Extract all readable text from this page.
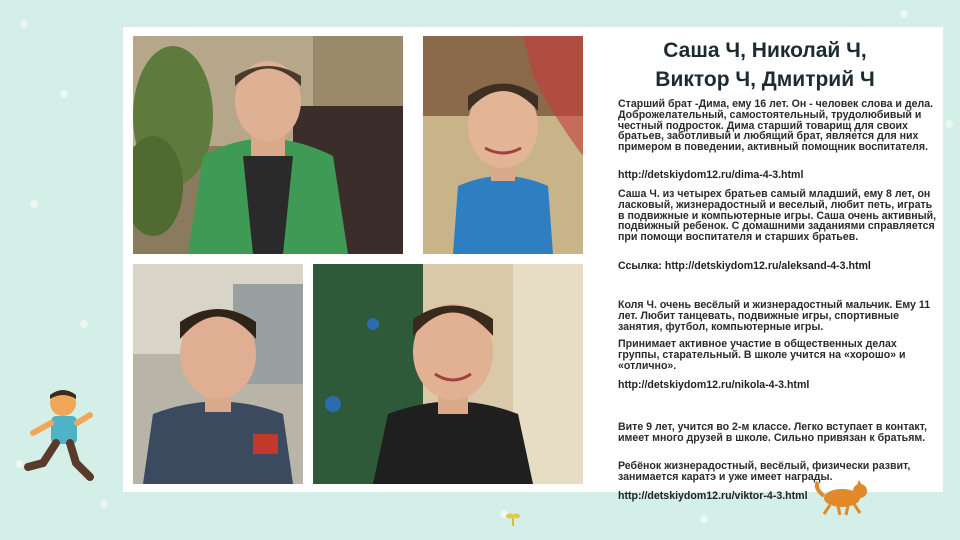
Саша Ч, Николай Ч,
Виктор Ч, Дмитрий Ч

Старший брат -Дима, ему 16 лет. Он - человек слова и дела. Доброжелательный, самостоятельный, трудолюбивый и честный подросток. Дима старший товарищ для своих братьев, заботливый и любящий брат, является для них примером в поведении, активный помощник воспитателя.

http://detskiydom12.ru/dima-4-3.html

Саша Ч. из четырех братьев самый младший, ему 8 лет, он ласковый, жизнерадостный и веселый, любит петь, играть в подвижные и компьютерные игры. Саша очень активный, подвижный ребенок. С домашними заданиями справляется при помощи воспитателя и старших братьев.

Ссылка: http://detskiydom12.ru/aleksand-4-3.html

Коля Ч. очень весёлый и жизнерадостный мальчик. Ему 11 лет. Любит танцевать, подвижные игры, спортивные занятия, футбол, компьютерные игры.

Принимает активное участие в общественных делах группы, старательный. В школе учится на «хорошо» и «отлично».

http://detskiydom12.ru/nikola-4-3.html

Вите 9 лет, учится во 2-м классе. Легко вступает в контакт, имеет много друзей в школе. Сильно привязан к братьям.

Ребёнок жизнерадостный, весёлый, физически развит, занимается каратэ и уже имеет награды.

http://detskiydom12.ru/viktor-4-3.html
